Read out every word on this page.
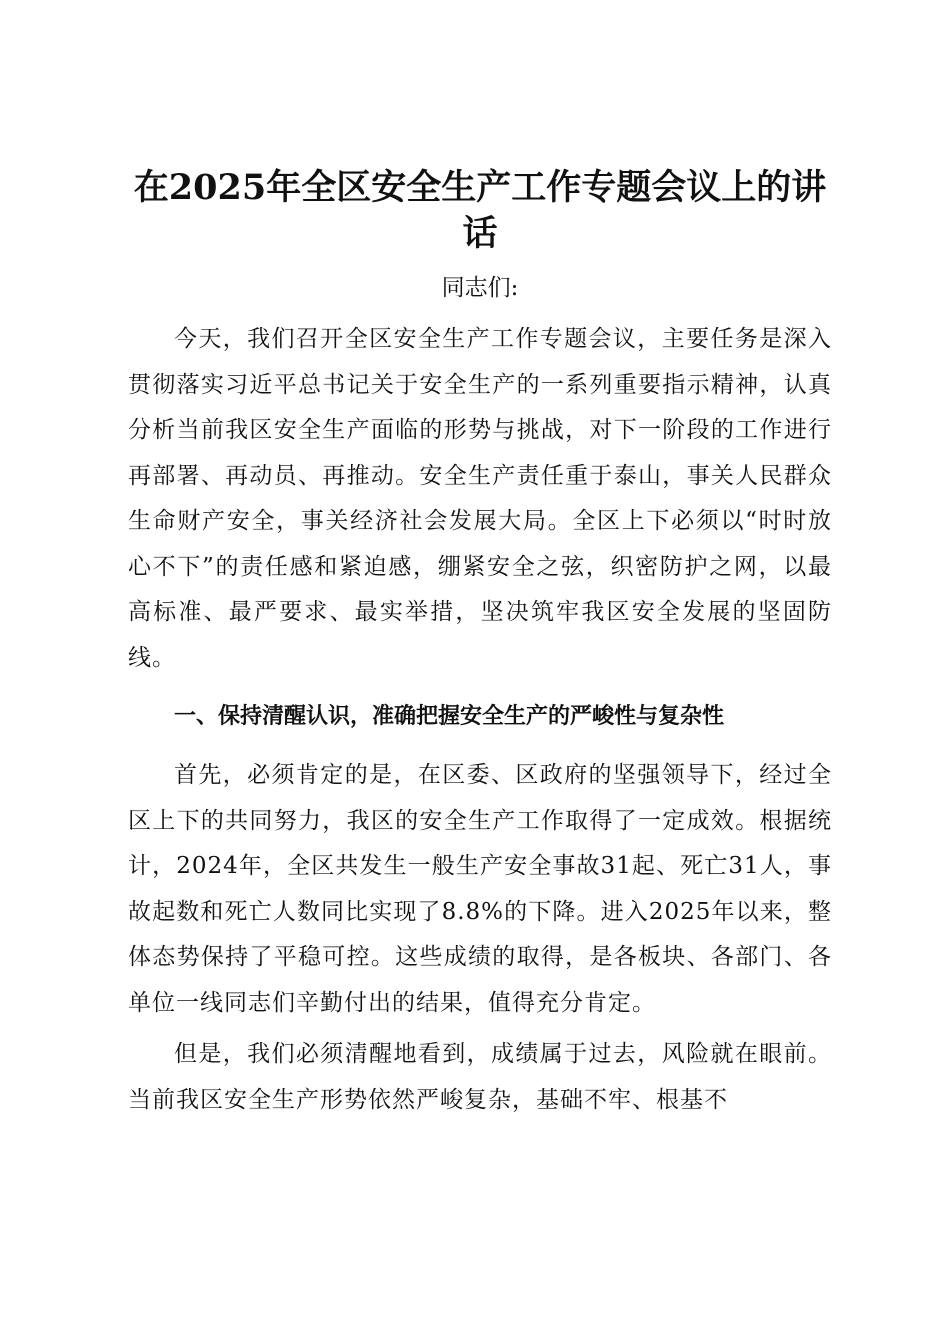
在2025年全区安全生产工作专题会议上的讲话

同志们:

今天，我们召开全区安全生产工作专题会议，主要任务是深入贯彻落实习近平总书记关于安全生产的一系列重要指示精神，认真分析当前我区安全生产面临的形势与挑战，对下一阶段的工作进行再部署、再动员、再推动。安全生产责任重于泰山，事关人民群众生命财产安全，事关经济社会发展大局。全区上下必须以“时时放心不下”的责任感和紧迫感，绷紧安全之弦，织密防护之网，以最高标准、最严要求、最实举措，坚决筑牢我区安全发展的坚固防线。

一、保持清醒认识，准确把握安全生产的严峻性与复杂性

首先，必须肯定的是，在区委、区政府的坚强领导下，经过全区上下的共同努力，我区的安全生产工作取得了一定成效。根据统计，2024年，全区共发生一般生产安全事故31起、死亡31人，事故起数和死亡人数同比实现了8.8%的下降。进入2025年以来，整体态势保持了平稳可控。这些成绩的取得，是各板块、各部门、各单位一线同志们辛勤付出的结果，值得充分肯定。

但是，我们必须清醒地看到，成绩属于过去，风险就在眼前。当前我区安全生产形势依然严峻复杂，基础不牢、根基不
